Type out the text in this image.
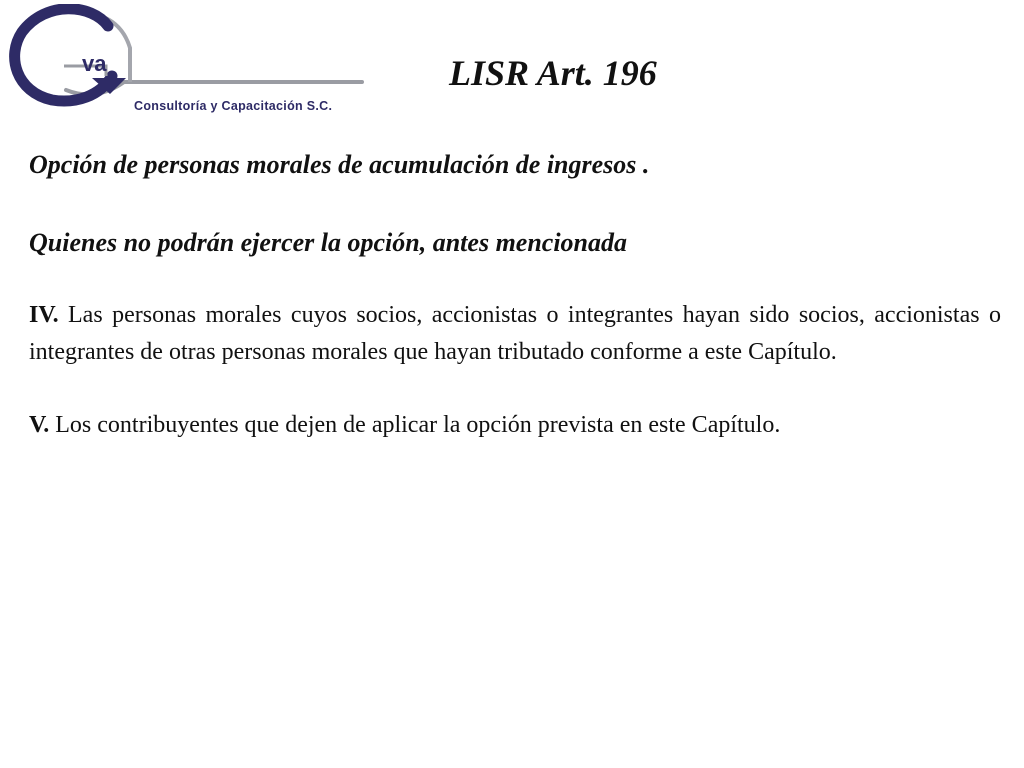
va
Consultoría y Capacitación S.C.
LISR Art. 196

Opción de personas morales de acumulación de ingresos .

Quienes no podrán ejercer la opción, antes mencionada

IV. Las personas morales cuyos socios, accionistas o integrantes hayan sido socios, accionistas o integrantes de otras personas morales que hayan tributado conforme a este Capítulo.

V. Los contribuyentes que dejen de aplicar la opción prevista en este Capítulo.
